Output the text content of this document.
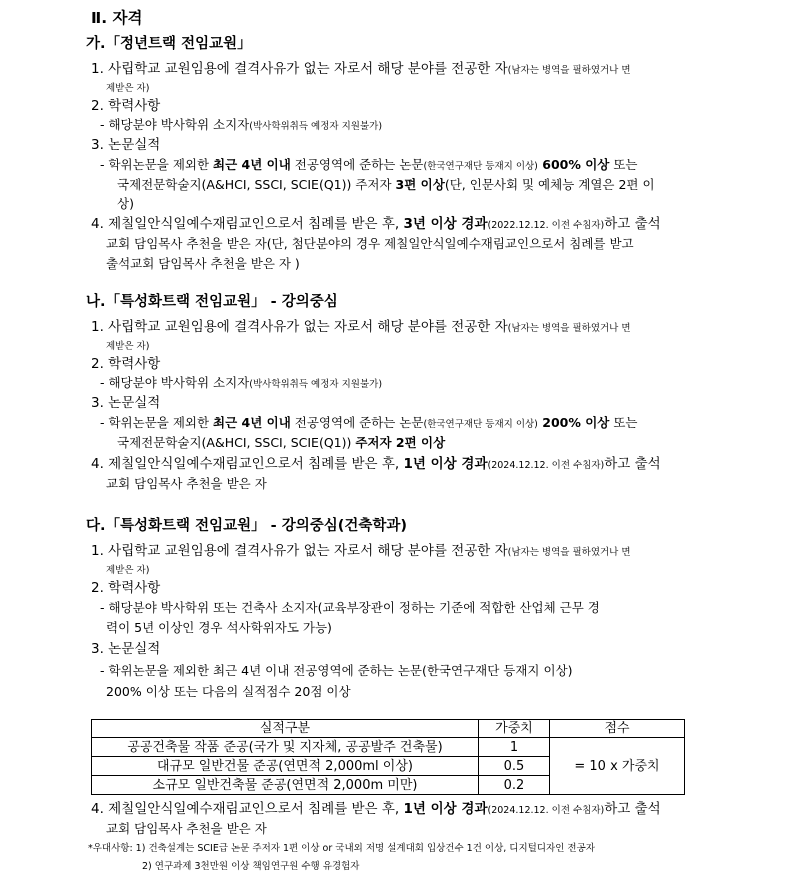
Ⅱ. 자격
가.「정년트랙 전임교원」
1. 사립학교 교원임용에 결격사유가 없는 자로서 해당 분야를 전공한 자(남자는 병역을 필하였거나 면
제받은 자)
2. 학력사항
- 해당분야 박사학위 소지자(박사학위취득 예정자 지원불가)
3. 논문실적
- 학위논문을 제외한 최근 4년 이내 전공영역에 준하는 논문(한국연구재단 등재지 이상) 600% 이상 또는
국제전문학술지(A&HCI, SSCI, SCIE(Q1)) 주저자 3편 이상(단, 인문사회 및 예체능 계열은 2편 이
상)
4. 제칠일안식일예수재림교인으로서 침례를 받은 후, 3년 이상 경과(2022.12.12. 이전 수침자)하고 출석
교회 담임목사 추천을 받은 자(단, 첨단분야의 경우 제칠일안식일예수재림교인으로서 침례를 받고
출석교회 담임목사 추천을 받은 자 )
나.「특성화트랙 전임교원」 - 강의중심
1. 사립학교 교원임용에 결격사유가 없는 자로서 해당 분야를 전공한 자(남자는 병역을 필하였거나 면
제받은 자)
2. 학력사항
- 해당분야 박사학위 소지자(박사학위취득 예정자 지원불가)
3. 논문실적
- 학위논문을 제외한 최근 4년 이내 전공영역에 준하는 논문(한국연구재단 등재지 이상) 200% 이상 또는
국제전문학술지(A&HCI, SSCI, SCIE(Q1)) 주저자 2편 이상
4. 제칠일안식일예수재림교인으로서 침례를 받은 후, 1년 이상 경과(2024.12.12. 이전 수침자)하고 출석
교회 담임목사 추천을 받은 자
다.「특성화트랙 전임교원」 - 강의중심(건축학과)
1. 사립학교 교원임용에 결격사유가 없는 자로서 해당 분야를 전공한 자(남자는 병역을 필하였거나 면
제받은 자)
2. 학력사항
- 해당분야 박사학위 또는 건축사 소지자(교육부장관이 정하는 기준에 적합한 산업체 근무 경
력이 5년 이상인 경우 석사학위자도 가능)
3. 논문실적
- 학위논문을 제외한 최근 4년 이내 전공영역에 준하는 논문(한국연구재단 등재지 이상)
200% 이상 또는 다음의 실적점수 20점 이상
실적구분	가중치	점수
공공건축물 작품 준공(국가 및 지자체, 공공발주 건축물)	1	= 10 x 가중치
대규모 일반건물 준공(연면적 2,000ml 이상)	0.5	
소규모 일반건축물 준공(연면적 2,000m 미만)	0.2	
4. 제칠일안식일예수재림교인으로서 침례를 받은 후, 1년 이상 경과(2024.12.12. 이전 수침자)하고 출석
교회 담임목사 추천을 받은 자
*우대사항: 1) 건축설계는 SCIE급 논문 주저자 1편 이상 or 국내외 저명 설계대회 입상건수 1건 이상, 디지털디자인 전공자
2) 연구과제 3천만원 이상 책임연구원 수행 유경험자
